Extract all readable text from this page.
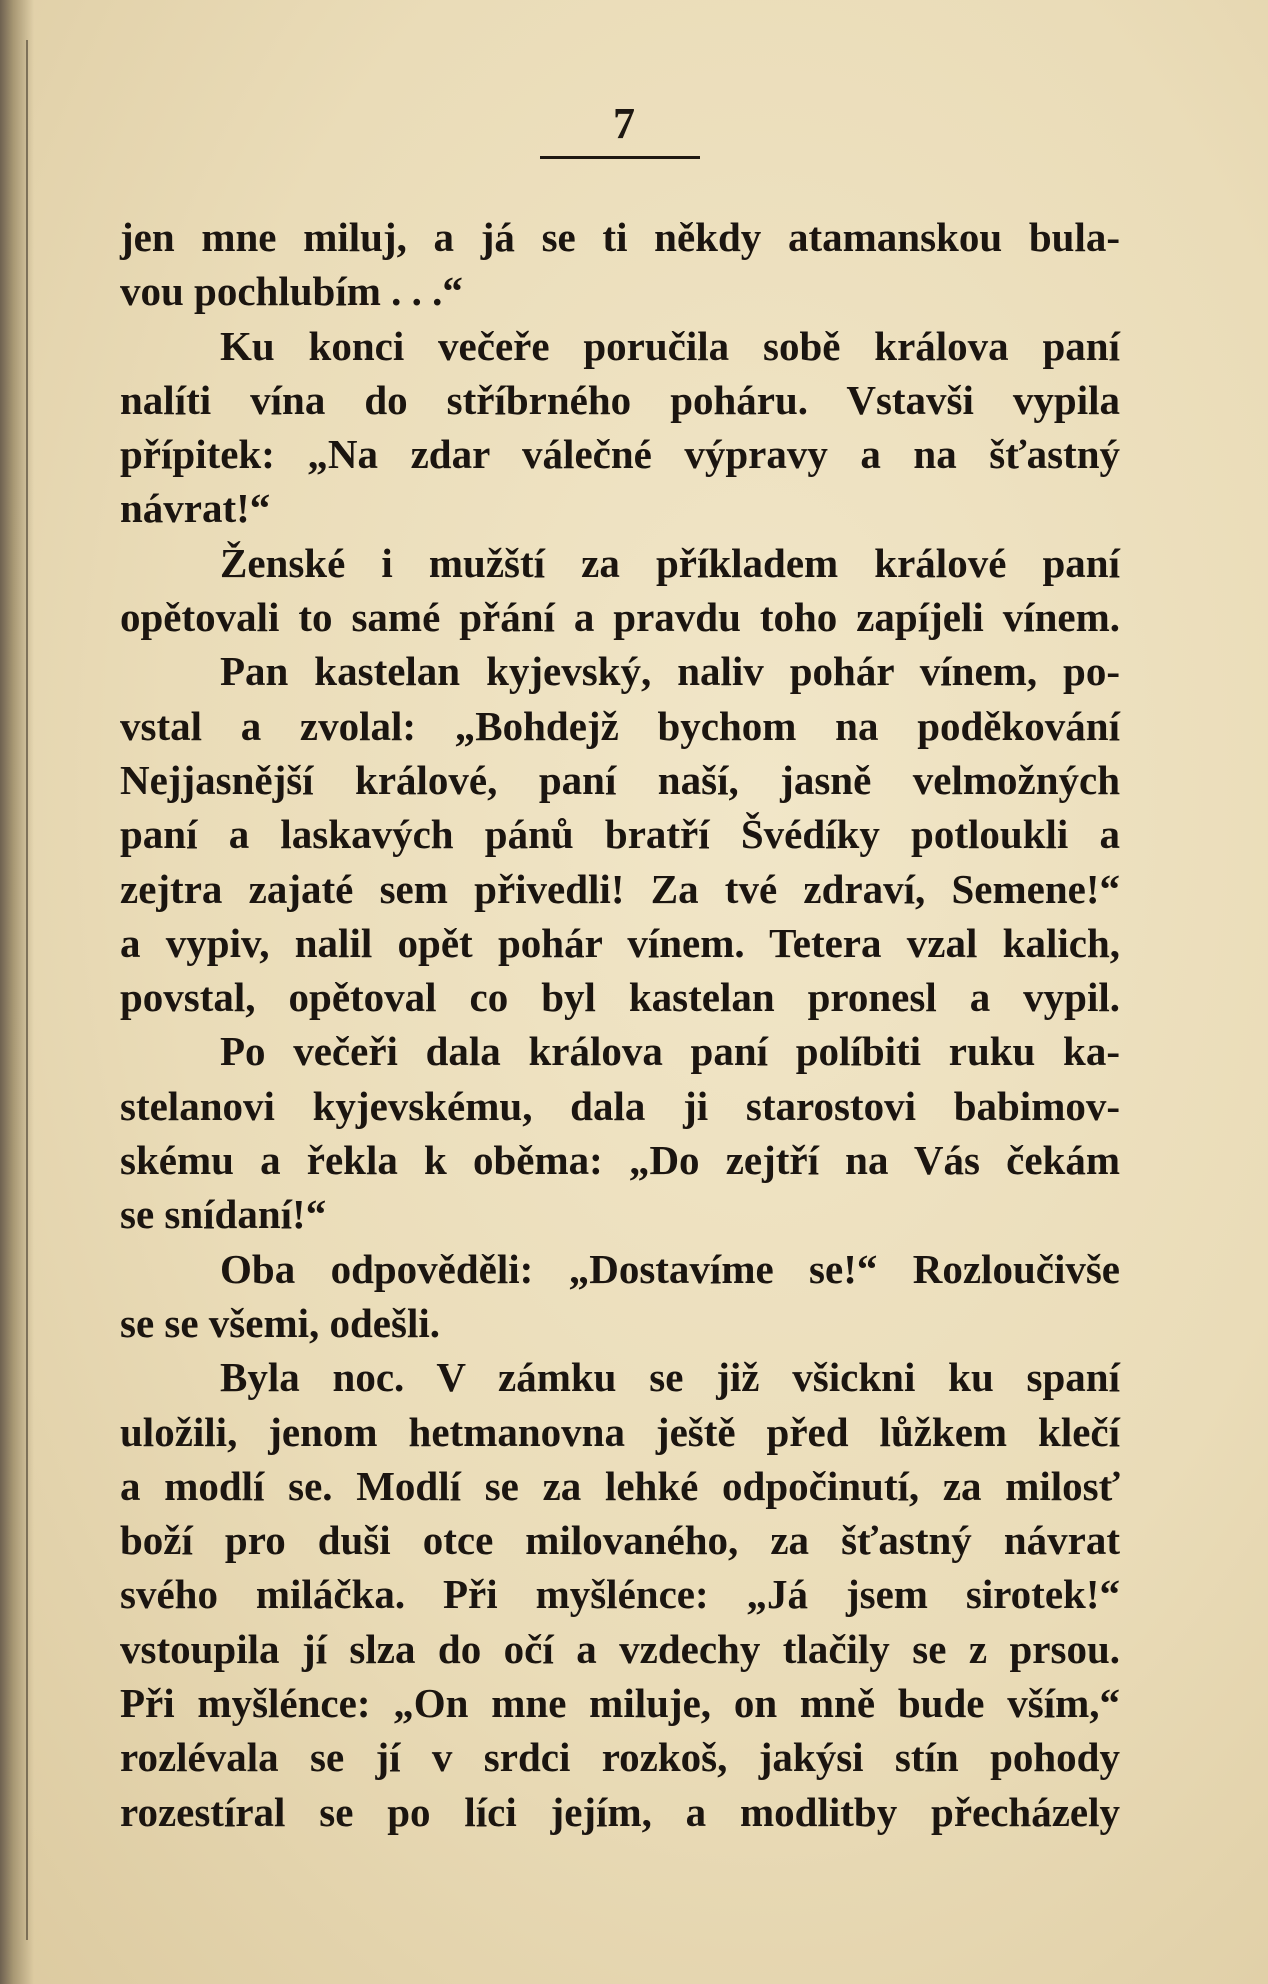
7
jen mne miluj, a já se ti někdy atamanskou bula-
vou pochlubím . . .“
Ku konci večeře poručila sobě králova paní
nalíti vína do stříbrného poháru. Vstavši vypila
přípitek: „Na zdar válečné výpravy a na šťastný
návrat!“
Ženské i mužští za příkladem králové paní
opětovali to samé přání a pravdu toho zapíjeli vínem.
Pan kastelan kyjevský, naliv pohár vínem, po-
vstal a zvolal: „Bohdejž bychom na poděkování
Nejjasnější králové, paní naší, jasně velmožných
paní a laskavých pánů bratří Švédíky potloukli a
zejtra zajaté sem přivedli! Za tvé zdraví, Semene!“
a vypiv, nalil opět pohár vínem. Tetera vzal kalich,
povstal, opětoval co byl kastelan pronesl a vypil.
Po večeři dala králova paní políbiti ruku ka-
stelanovi kyjevskému, dala ji starostovi babimov-
skému a řekla k oběma: „Do zejtří na Vás čekám
se snídaní!“
Oba odpověděli: „Dostavíme se!“ Rozloučivše
se se všemi, odešli.
Byla noc. V zámku se již všickni ku spaní
uložili, jenom hetmanovna ještě před lůžkem klečí
a modlí se. Modlí se za lehké odpočinutí, za milosť
boží pro duši otce milovaného, za šťastný návrat
svého miláčka. Při myšlénce: „Já jsem sirotek!“
vstoupila jí slza do očí a vzdechy tlačily se z prsou.
Při myšlénce: „On mne miluje, on mně bude vším,“
rozlévala se jí v srdci rozkoš, jakýsi stín pohody
rozestíral se po líci jejím, a modlitby přecházely
